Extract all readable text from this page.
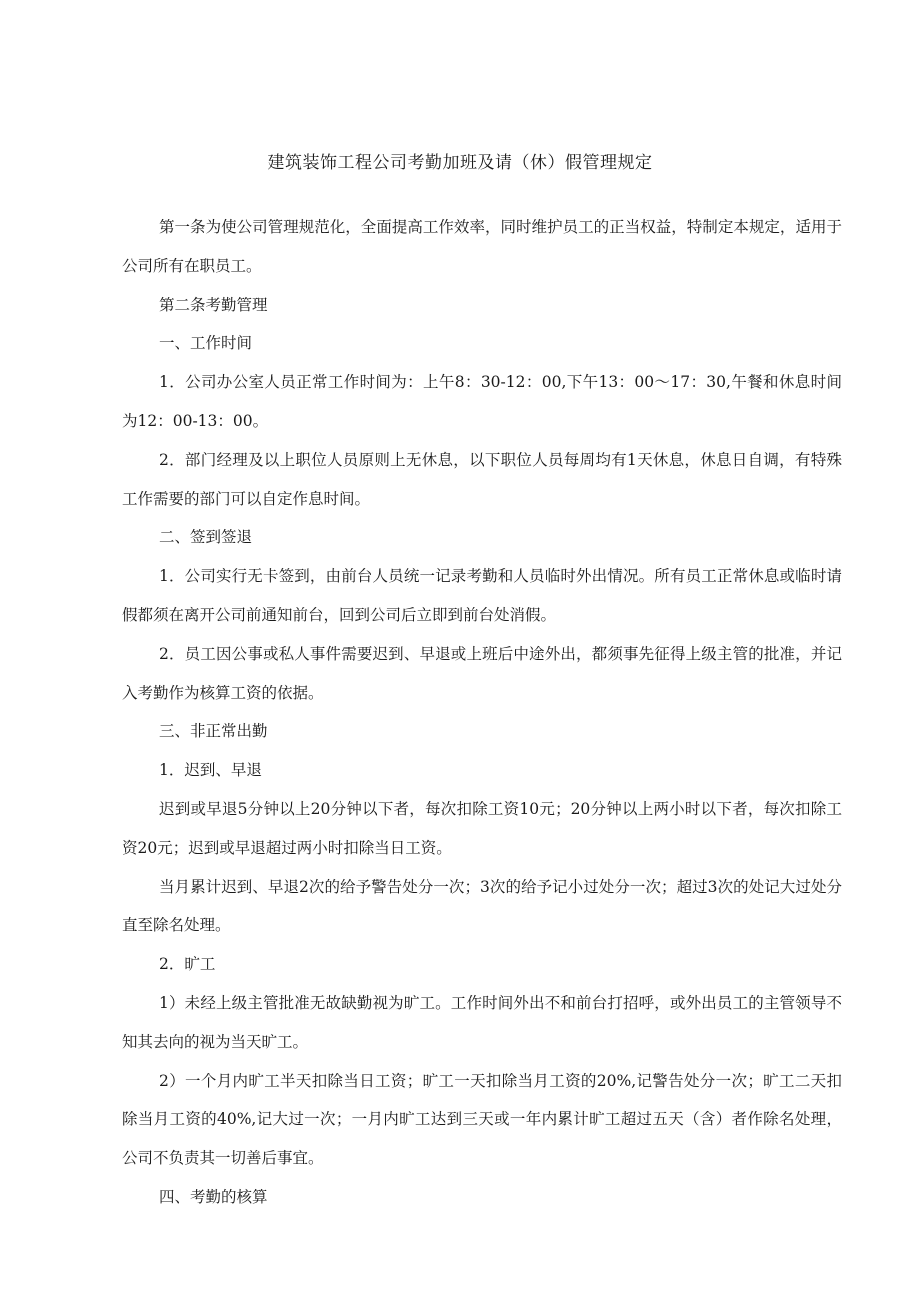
建筑装饰工程公司考勤加班及请（休）假管理规定

第一条为使公司管理规范化，全面提高工作效率，同时维护员工的正当权益，特制定本规定，适用于公司所有在职员工。

第二条考勤管理

一、工作时间

1．公司办公室人员正常工作时间为：上午8：30-12：00,下午13：00～17：30,午餐和休息时间为12：00-13：00。

2．部门经理及以上职位人员原则上无休息，以下职位人员每周均有1天休息，休息日自调，有特殊工作需要的部门可以自定作息时间。

二、签到签退

1．公司实行无卡签到，由前台人员统一记录考勤和人员临时外出情况。所有员工正常休息或临时请假都须在离开公司前通知前台，回到公司后立即到前台处消假。

2．员工因公事或私人事件需要迟到、早退或上班后中途外出，都须事先征得上级主管的批准，并记入考勤作为核算工资的依据。

三、非正常出勤

1．迟到、早退

迟到或早退5分钟以上20分钟以下者，每次扣除工资10元；20分钟以上两小时以下者，每次扣除工资20元；迟到或早退超过两小时扣除当日工资。

当月累计迟到、早退2次的给予警告处分一次；3次的给予记小过处分一次；超过3次的处记大过处分直至除名处理。

2．旷工

1）未经上级主管批准无故缺勤视为旷工。工作时间外出不和前台打招呼，或外出员工的主管领导不知其去向的视为当天旷工。

2）一个月内旷工半天扣除当日工资；旷工一天扣除当月工资的20%,记警告处分一次；旷工二天扣除当月工资的40%,记大过一次；一月内旷工达到三天或一年内累计旷工超过五天（含）者作除名处理，公司不负责其一切善后事宜。

四、考勤的核算
